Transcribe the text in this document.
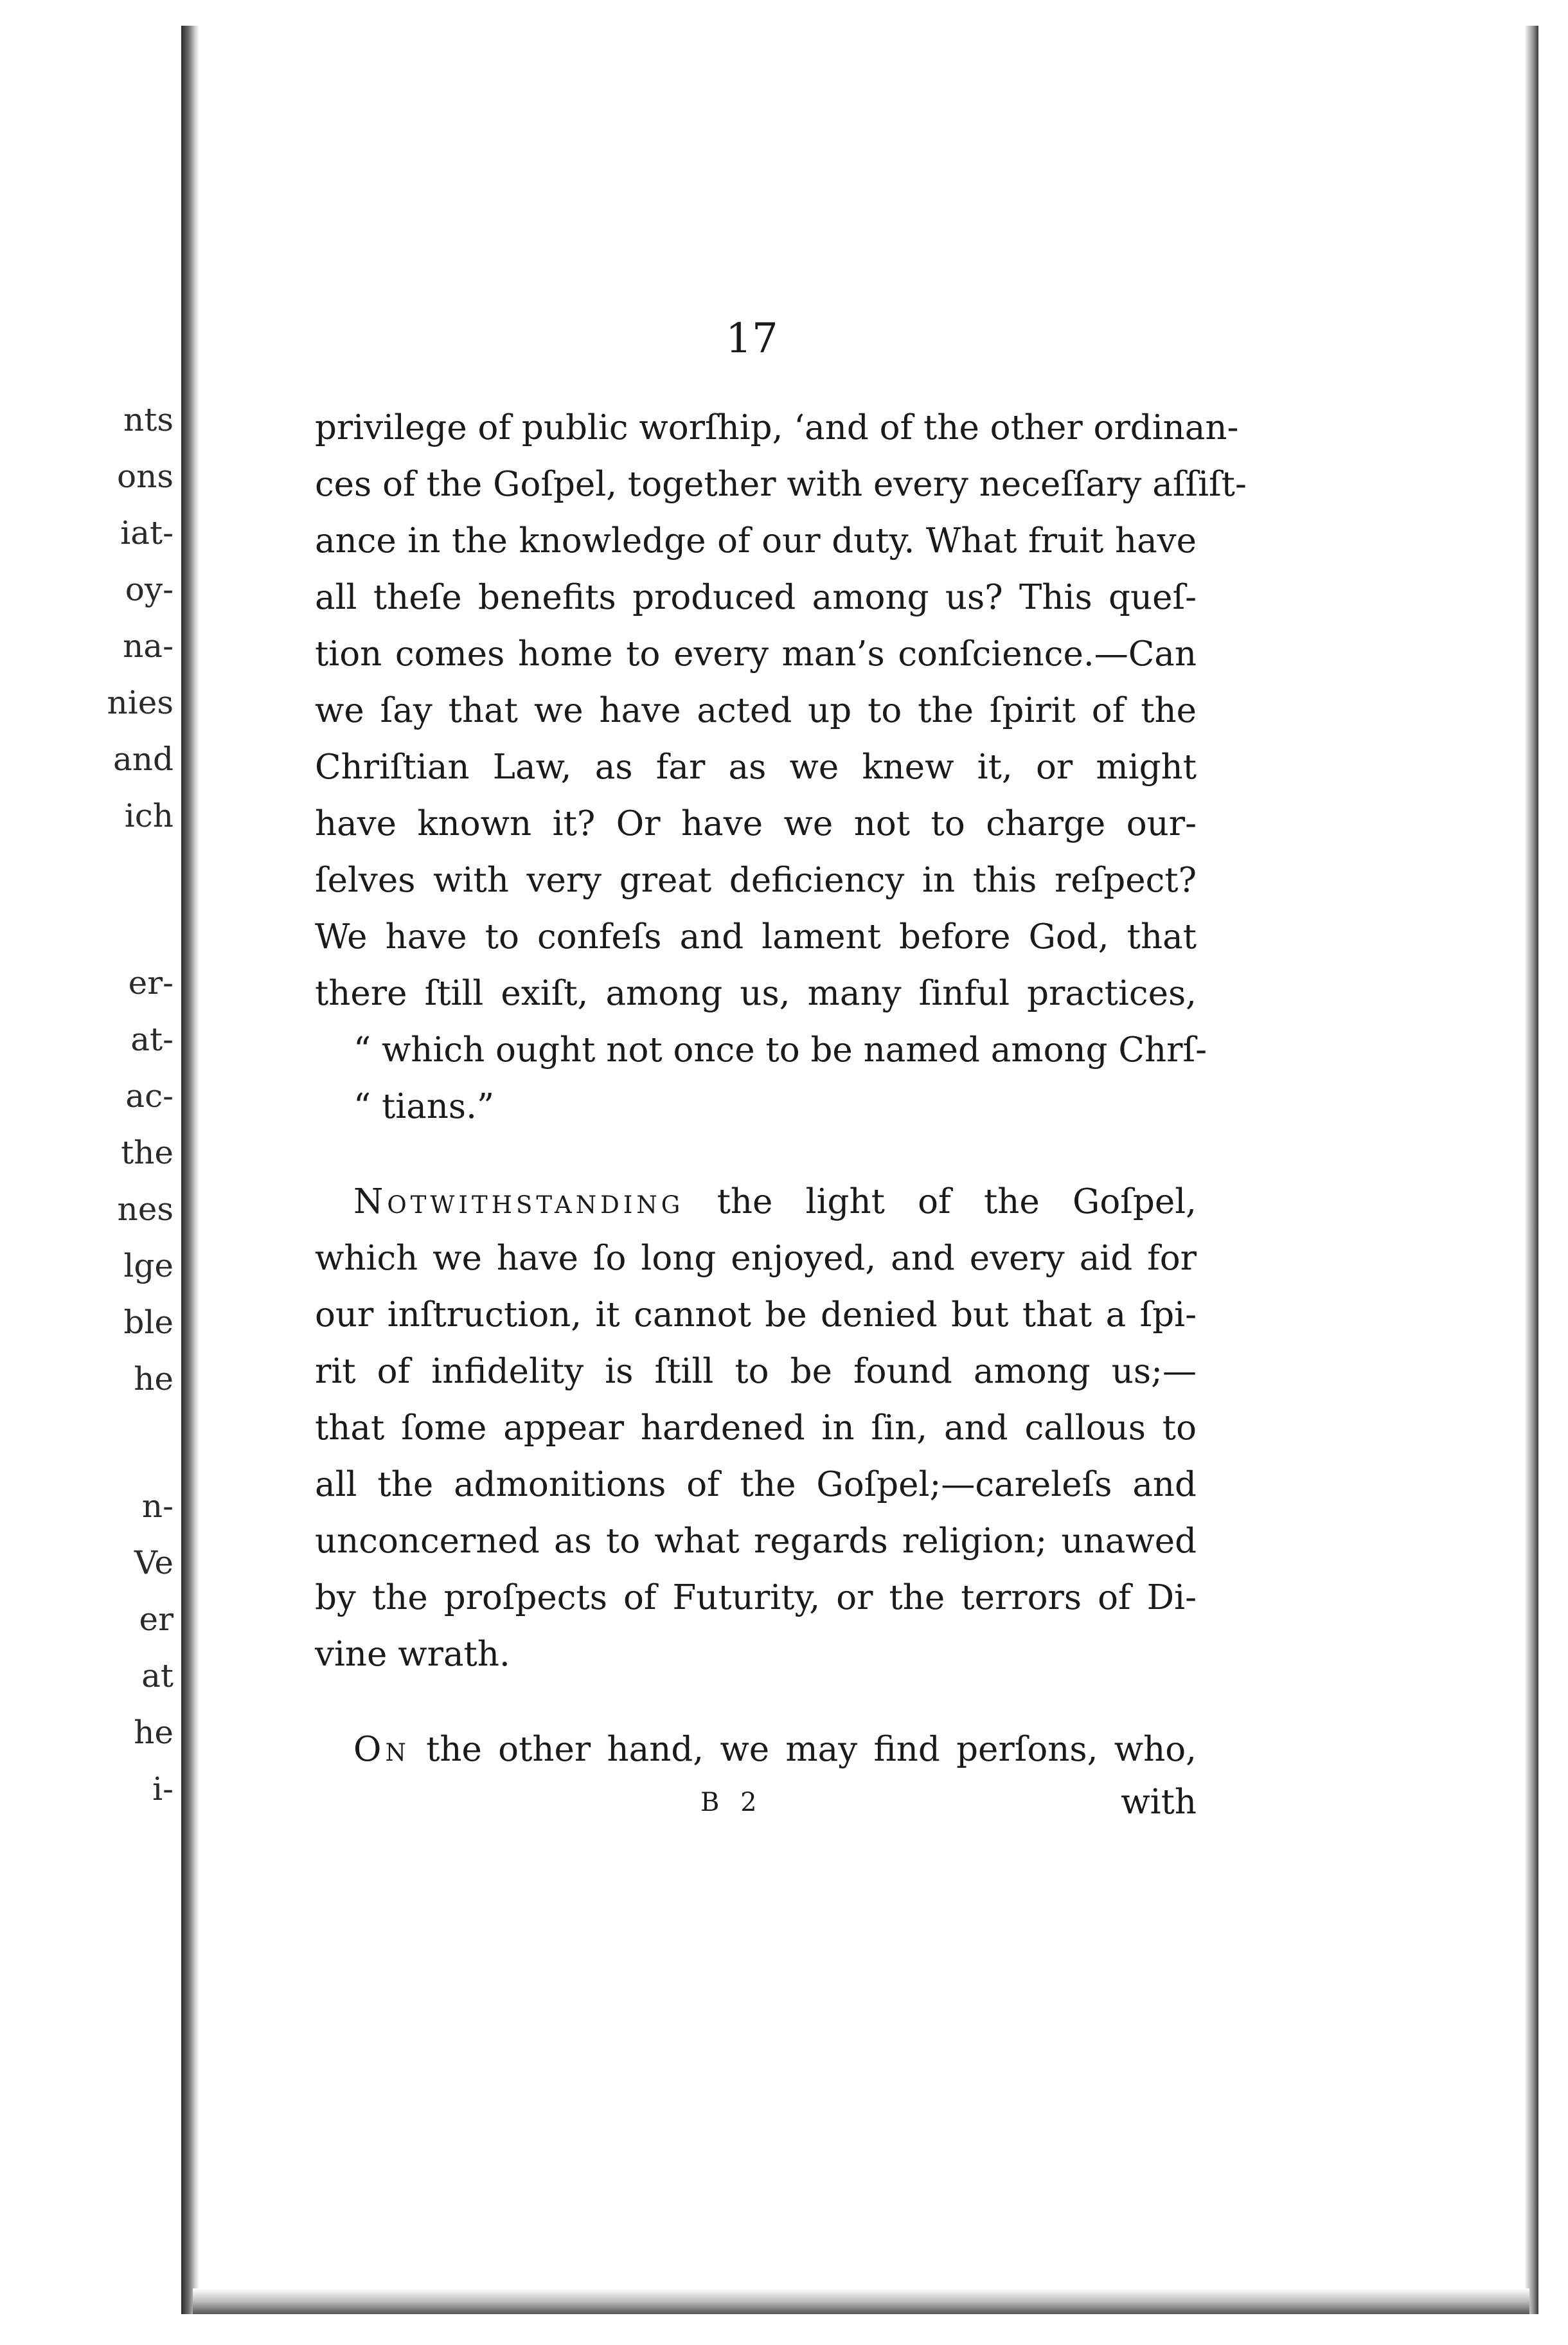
nts
ons
iat-
oy-
na-
nies
and
ich
er-
at-
ac-
the
nes
lge
ble
he
n-
Ve
er
at
he
i-
17
privilege of public worſhip, ‘and of the other ordinan-
ces of the Goſpel, together with every neceſſary aſſiſt-
ance in the knowledge of our duty. What fruit have
all theſe benefits produced among us? This queſ-
tion comes home to every man’s conſcience.—Can
we ſay that we have acted up to the ſpirit of the
Chriſtian Law, as far as we knew it, or might
have known it? Or have we not to charge our-
ſelves with very great deficiency in this reſpect?
We have to confeſs and lament before God, that
there ſtill exiſt, among us, many ſinful practices,
“ which ought not once to be named among Chrſ-
“ tians.”
Notwithstanding the light of the Goſpel,
which we have ſo long enjoyed, and every aid for
our inſtruction, it cannot be denied but that a ſpi-
rit of infidelity is ſtill to be found among us;—
that ſome appear hardened in ſin, and callous to
all the admonitions of the Goſpel;—careleſs and
unconcerned as to what regards religion; unawed
by the proſpects of Futurity, or the terrors of Di-
vine wrath.
On the other hand, we may find perſons, who,
B 2	with
